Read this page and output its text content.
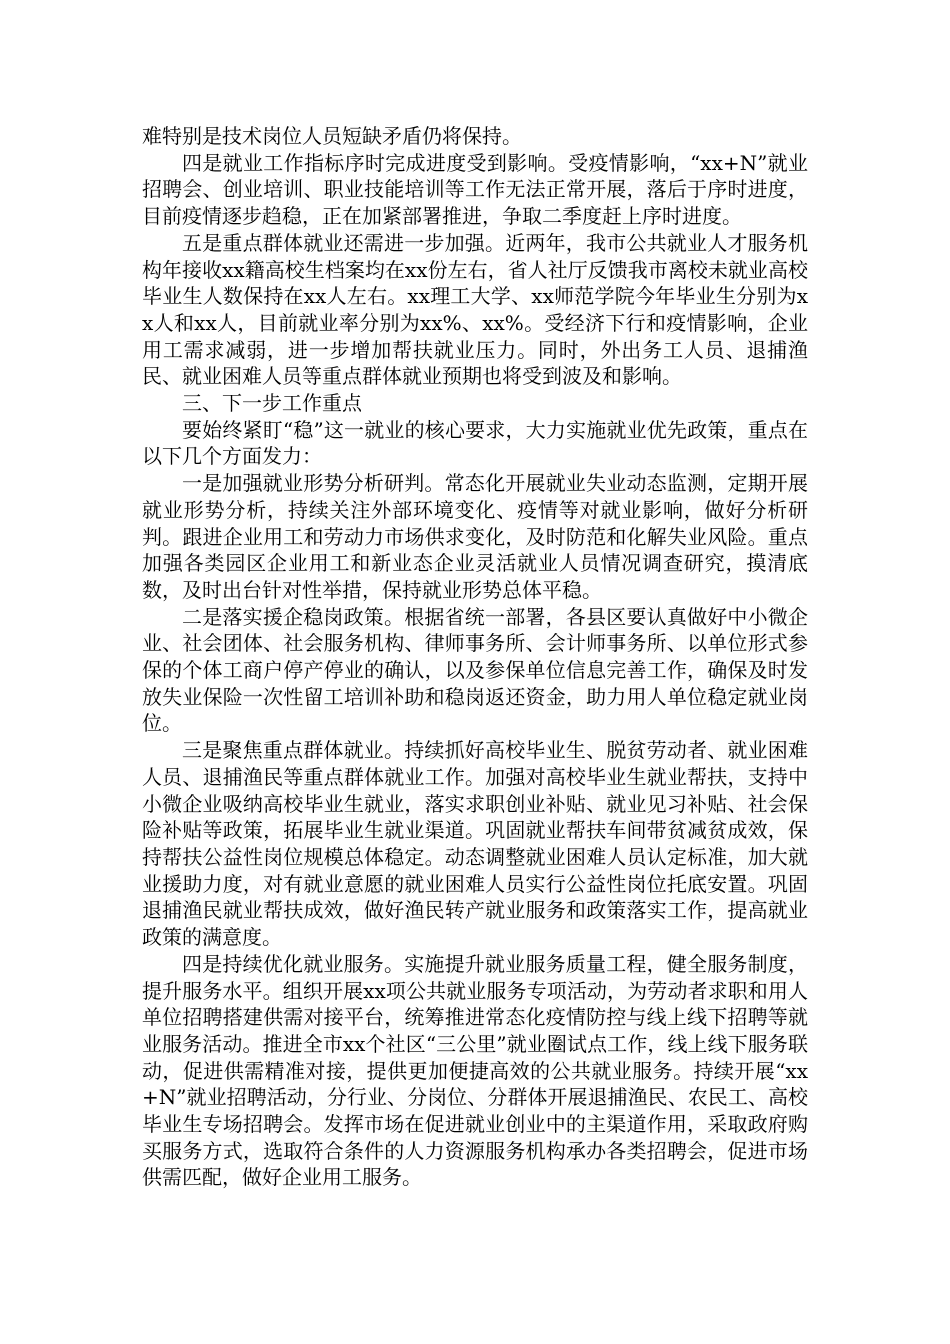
难特别是技术岗位人员短缺矛盾仍将保持。

四是就业工作指标序时完成进度受到影响。受疫情影响，“xx+N”就业招聘会、创业培训、职业技能培训等工作无法正常开展，落后于序时进度，目前疫情逐步趋稳，正在加紧部署推进，争取二季度赶上序时进度。

五是重点群体就业还需进一步加强。近两年，我市公共就业人才服务机构年接收xx籍高校生档案均在xx份左右，省人社厅反馈我市离校未就业高校毕业生人数保持在xx人左右。xx理工大学、xx师范学院今年毕业生分别为xx人和xx人，目前就业率分别为xx%、xx%。受经济下行和疫情影响，企业用工需求减弱，进一步增加帮扶就业压力。同时，外出务工人员、退捕渔民、就业困难人员等重点群体就业预期也将受到波及和影响。

三、下一步工作重点

要始终紧盯“稳”这一就业的核心要求，大力实施就业优先政策，重点在以下几个方面发力：

一是加强就业形势分析研判。常态化开展就业失业动态监测，定期开展就业形势分析，持续关注外部环境变化、疫情等对就业影响，做好分析研判。跟进企业用工和劳动力市场供求变化，及时防范和化解失业风险。重点加强各类园区企业用工和新业态企业灵活就业人员情况调查研究，摸清底数，及时出台针对性举措，保持就业形势总体平稳。

二是落实援企稳岗政策。根据省统一部署，各县区要认真做好中小微企业、社会团体、社会服务机构、律师事务所、会计师事务所、以单位形式参保的个体工商户停产停业的确认，以及参保单位信息完善工作，确保及时发放失业保险一次性留工培训补助和稳岗返还资金，助力用人单位稳定就业岗位。

三是聚焦重点群体就业。持续抓好高校毕业生、脱贫劳动者、就业困难人员、退捕渔民等重点群体就业工作。加强对高校毕业生就业帮扶，支持中小微企业吸纳高校毕业生就业，落实求职创业补贴、就业见习补贴、社会保险补贴等政策，拓展毕业生就业渠道。巩固就业帮扶车间带贫减贫成效，保持帮扶公益性岗位规模总体稳定。动态调整就业困难人员认定标准，加大就业援助力度，对有就业意愿的就业困难人员实行公益性岗位托底安置。巩固退捕渔民就业帮扶成效，做好渔民转产就业服务和政策落实工作，提高就业政策的满意度。

四是持续优化就业服务。实施提升就业服务质量工程，健全服务制度，提升服务水平。组织开展xx项公共就业服务专项活动，为劳动者求职和用人单位招聘搭建供需对接平台，统筹推进常态化疫情防控与线上线下招聘等就业服务活动。推进全市xx个社区“三公里”就业圈试点工作，线上线下服务联动，促进供需精准对接，提供更加便捷高效的公共就业服务。持续开展“xx+N”就业招聘活动，分行业、分岗位、分群体开展退捕渔民、农民工、高校毕业生专场招聘会。发挥市场在促进就业创业中的主渠道作用，采取政府购买服务方式，选取符合条件的人力资源服务机构承办各类招聘会，促进市场供需匹配，做好企业用工服务。
